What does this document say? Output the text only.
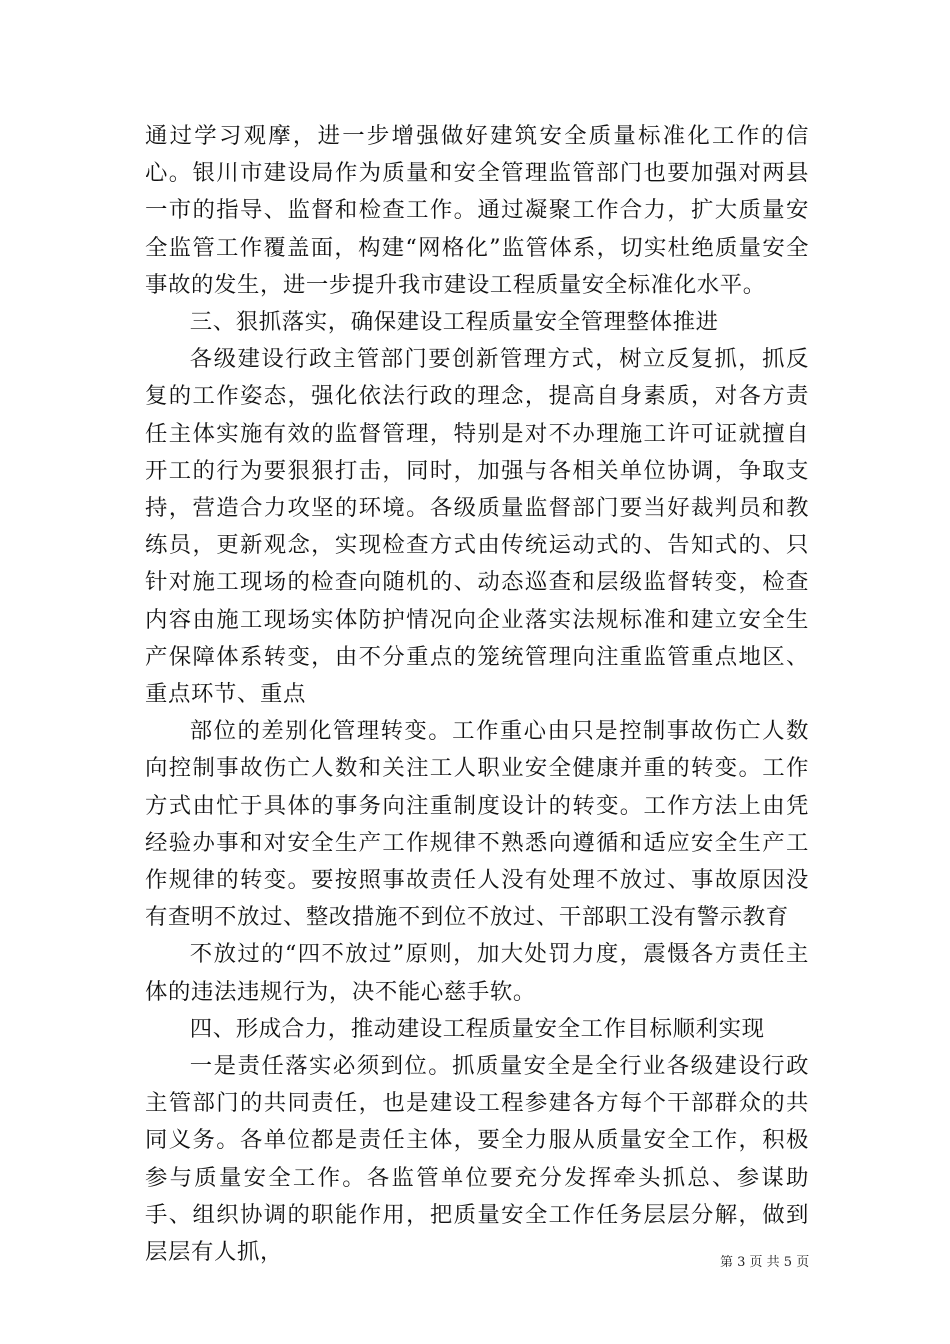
通过学习观摩，进一步增强做好建筑安全质量标准化工作的信心。银川市建设局作为质量和安全管理监管部门也要加强对两县一市的指导、监督和检查工作。通过凝聚工作合力，扩大质量安全监管工作覆盖面，构建“网格化”监管体系，切实杜绝质量安全事故的发生，进一步提升我市建设工程质量安全标准化水平。

三、狠抓落实，确保建设工程质量安全管理整体推进

各级建设行政主管部门要创新管理方式，树立反复抓，抓反复的工作姿态，强化依法行政的理念，提高自身素质，对各方责任主体实施有效的监督管理，特别是对不办理施工许可证就擅自开工的行为要狠狠打击，同时，加强与各相关单位协调，争取支持，营造合力攻坚的环境。各级质量监督部门要当好裁判员和教练员，更新观念，实现检查方式由传统运动式的、告知式的、只针对施工现场的检查向随机的、动态巡查和层级监督转变，检查内容由施工现场实体防护情况向企业落实法规标准和建立安全生产保障体系转变，由不分重点的笼统管理向注重监管重点地区、重点环节、重点

部位的差别化管理转变。工作重心由只是控制事故伤亡人数向控制事故伤亡人数和关注工人职业安全健康并重的转变。工作方式由忙于具体的事务向注重制度设计的转变。工作方法上由凭经验办事和对安全生产工作规律不熟悉向遵循和适应安全生产工作规律的转变。要按照事故责任人没有处理不放过、事故原因没有查明不放过、整改措施不到位不放过、干部职工没有警示教育

不放过的“四不放过”原则，加大处罚力度，震慑各方责任主体的违法违规行为，决不能心慈手软。

四、形成合力，推动建设工程质量安全工作目标顺利实现

一是责任落实必须到位。抓质量安全是全行业各级建设行政主管部门的共同责任，也是建设工程参建各方每个干部群众的共同义务。各单位都是责任主体，要全力服从质量安全工作，积极参与质量安全工作。各监管单位要充分发挥牵头抓总、参谋助手、组织协调的职能作用，把质量安全工作任务层层分解，做到层层有人抓，	第 3 页 共 5 页
